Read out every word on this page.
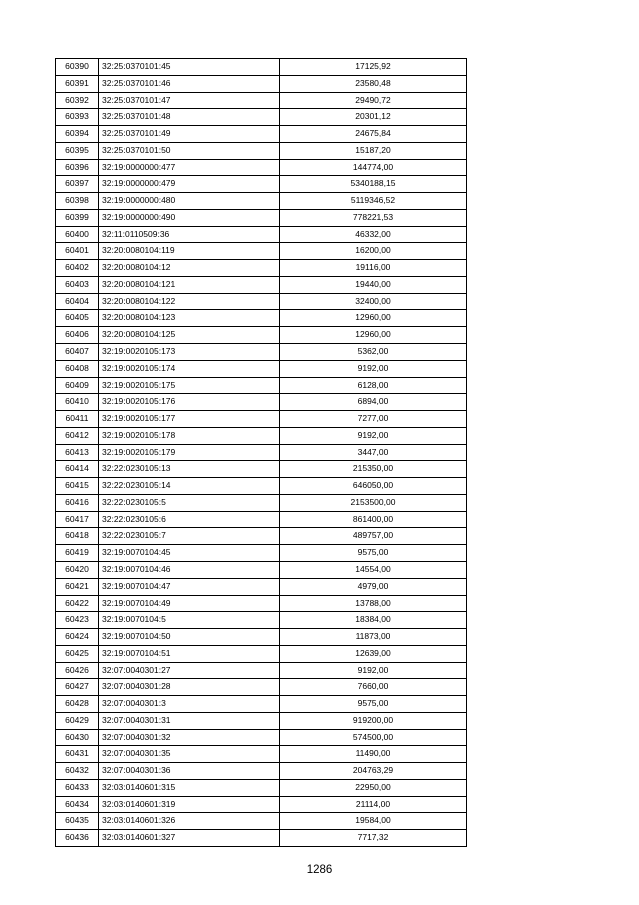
60390	32:25:0370101:45	17125,92
60391	32:25:0370101:46	23580,48
60392	32:25:0370101:47	29490,72
60393	32:25:0370101:48	20301,12
60394	32:25:0370101:49	24675,84
60395	32:25:0370101:50	15187,20
60396	32:19:0000000:477	144774,00
60397	32:19:0000000:479	5340188,15
60398	32:19:0000000:480	5119346,52
60399	32:19:0000000:490	778221,53
60400	32:11:0110509:36	46332,00
60401	32:20:0080104:119	16200,00
60402	32:20:0080104:12	19116,00
60403	32:20:0080104:121	19440,00
60404	32:20:0080104:122	32400,00
60405	32:20:0080104:123	12960,00
60406	32:20:0080104:125	12960,00
60407	32:19:0020105:173	5362,00
60408	32:19:0020105:174	9192,00
60409	32:19:0020105:175	6128,00
60410	32:19:0020105:176	6894,00
60411	32:19:0020105:177	7277,00
60412	32:19:0020105:178	9192,00
60413	32:19:0020105:179	3447,00
60414	32:22:0230105:13	215350,00
60415	32:22:0230105:14	646050,00
60416	32:22:0230105:5	2153500,00
60417	32:22:0230105:6	861400,00
60418	32:22:0230105:7	489757,00
60419	32:19:0070104:45	9575,00
60420	32:19:0070104:46	14554,00
60421	32:19:0070104:47	4979,00
60422	32:19:0070104:49	13788,00
60423	32:19:0070104:5	18384,00
60424	32:19:0070104:50	11873,00
60425	32:19:0070104:51	12639,00
60426	32:07:0040301:27	9192,00
60427	32:07:0040301:28	7660,00
60428	32:07:0040301:3	9575,00
60429	32:07:0040301:31	919200,00
60430	32:07:0040301:32	574500,00
60431	32:07:0040301:35	11490,00
60432	32:07:0040301:36	204763,29
60433	32:03:0140601:315	22950,00
60434	32:03:0140601:319	21114,00
60435	32:03:0140601:326	19584,00
60436	32:03:0140601:327	7717,32
1286
